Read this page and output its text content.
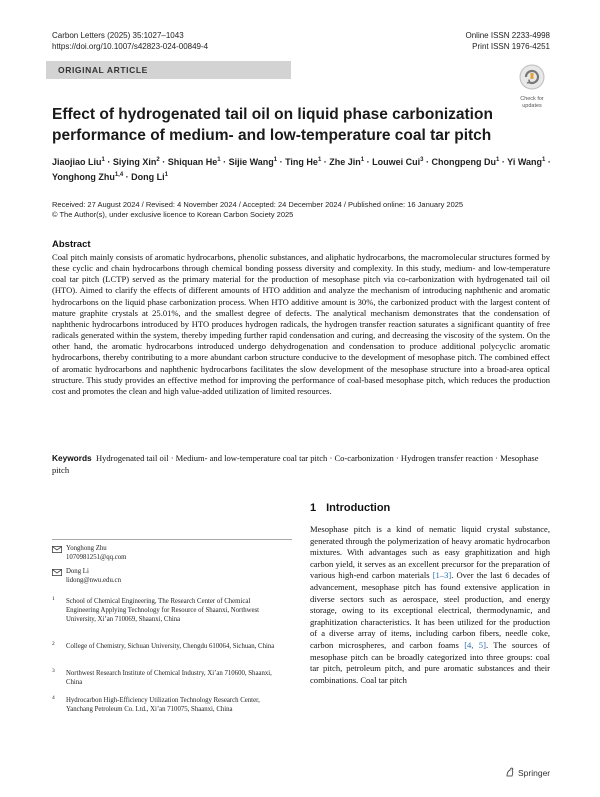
Carbon Letters (2025) 35:1027–1043
https://doi.org/10.1007/s42823-024-00849-4
Online ISSN 2233-4998
Print ISSN 1976-4251
ORIGINAL ARTICLE
Check for
updates
Effect of hydrogenated tail oil on liquid phase carbonization
performance of medium- and low-temperature coal tar pitch
Jiaojiao Liu$^1$ · Siying Xin$^2$ · Shiquan $He^1$ · Sijie Wang$^1$ · Ting $He^1$ · Zhe Jin$^1$ · Louwei Cui$^3$ · Chongpeng $Du^1 \cdot Yi$ Wang$^1$ · Yonghong Zhu$^{1,4}$ · Dong Li$^1$
Received: 27 August 2024 / Revised: 4 November 2024 / Accepted: 24 December 2024 / Published online: 16 January 2025
© The Author(s), under exclusive licence to Korean Carbon Society 2025
Abstract
Coal pitch mainly consists of aromatic hydrocarbons, phenolic substances, and aliphatic hydrocarbons, the macromolecular structures formed by these cyclic and chain hydrocarbons through chemical bonding possess diversity and complexity. In this study, medium- and low-temperature coal tar pitch (LCTP) served as the primary material for the production of mesophase pitch via co-carbonization with hydrogenated tail oil (HTO). Aimed to clarify the effects of different amounts of HTO addition and analyze the mechanism of introducing naphthenic and aromatic hydrocarbons on the liquid phase carbonization process. When HTO additive amount is 30%, the carbonized product with the largest content of mature graphite crystals at 25.01%, and the smallest degree of defects. The analytical mechanism demonstrates that the condensation of naphthenic hydrocarbons introduced by HTO produces hydrogen radicals, the hydrogen transfer reaction saturates a significant quantity of free radicals generated within the system, thereby impeding further rapid condensation and curing, and decreasing the viscosity of the system. On the other hand, the aromatic hydrocarbons introduced undergo dehydrogenation and condensation to produce additional polycyclic aromatic hydrocarbons, thereby contributing to a more abundant carbon structure conducive to the development of mesophase pitch. The combined effect of aromatic hydrocarbons and naphthenic hydrocarbons facilitates the slow development of the mesophase structure into a broad-area optical structure. This study provides an effective method for improving the performance of coal-based mesophase pitch, which reduces the production cost and promotes the clean and high value-added utilization of limited resources.
Keywords Hydrogenated tail oil · Medium- and low-temperature coal tar pitch · Co-carbonization · Hydrogen transfer reaction · Mesophase pitch
Yonghong Zhu
1070981251@qq.com
Dong Li
lidong@nwu.edu.cn
1 School of Chemical Engineering, The Research Center of Chemical Engineering Applying Technology for Resource of Shaanxi, Northwest University, Xi’an 710069, Shaanxi, China
2 College of Chemistry, Sichuan University, Chengdu 610064, Sichuan, China
3 Northwest Research Institute of Chemical Industry, Xi’an 710600, Shaanxi, China
4 Hydrocarbon High-Efficiency Utilization Technology Research Center, Yanchang Petroleum Co. Ltd., Xi’an 710075, Shaanxi, China
1 Introduction
Mesophase pitch is a kind of nematic liquid crystal substance, generated through the polymerization of heavy aromatic hydrocarbon mixtures. With advantages such as easy graphitization and high carbon yield, it serves as an excellent precursor for the preparation of various high-end carbon materials [1–3]. Over the last 6 decades of advancement, mesophase pitch has found extensive application in diverse sectors such as aerospace, steel production, and energy storage, owing to its exceptional electrical, thermodynamic, and graphitization characteristics. It has been utilized for the production of a diverse array of items, including carbon fibers, needle coke, carbon microspheres, and carbon foams [4, 5]. The sources of mesophase pitch can be broadly categorized into three groups: coal tar pitch, petroleum pitch, and pure aromatic substances and their combinations. Coal tar pitch
Springer
